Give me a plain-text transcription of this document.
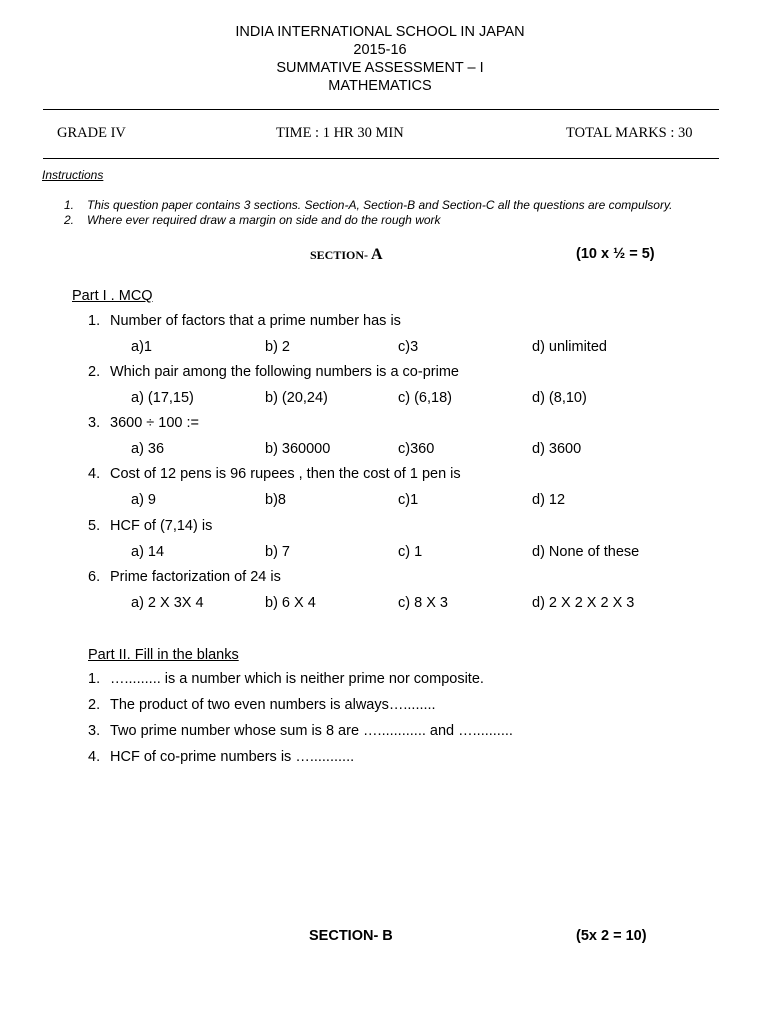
INDIA INTERNATIONAL SCHOOL IN JAPAN
2015-16
SUMMATIVE ASSESSMENT – I
MATHEMATICS
GRADE IV	TIME : 1 HR 30 MIN	TOTAL MARKS : 30
Instructions
1. This question paper contains 3 sections. Section-A, Section-B and Section-C all the questions are compulsory.
2. Where ever required draw a margin on side and do the rough work
SECTION- A	(10 x ½ = 5)
Part I . MCQ
1. Number of factors that a prime number has is
a)1	b) 2	c)3	d) unlimited
2. Which pair among the following numbers is a co-prime
a) (17,15)	b) (20,24)	c) (6,18)	d) (8,10)
3. 3600 ÷ 100 :=
a) 36	b) 360000	c)360	d) 3600
4. Cost of 12 pens is 96 rupees , then the cost of 1 pen is
a) 9	b)8	c)1	d) 12
5. HCF of (7,14) is
a) 14	b) 7	c) 1	d) None of these
6. Prime factorization of 24 is
a) 2 X 3X 4	b) 6 X 4	c) 8 X 3	d) 2 X 2 X 2 X 3
Part II. Fill in the blanks
1. …......... is a number which is neither prime nor composite.
2. The product of two even numbers is always…........
3. Two prime number whose sum is 8 are …............ and …..........
4. HCF of co-prime numbers is …...........
SECTION- B	(5x 2 = 10)
